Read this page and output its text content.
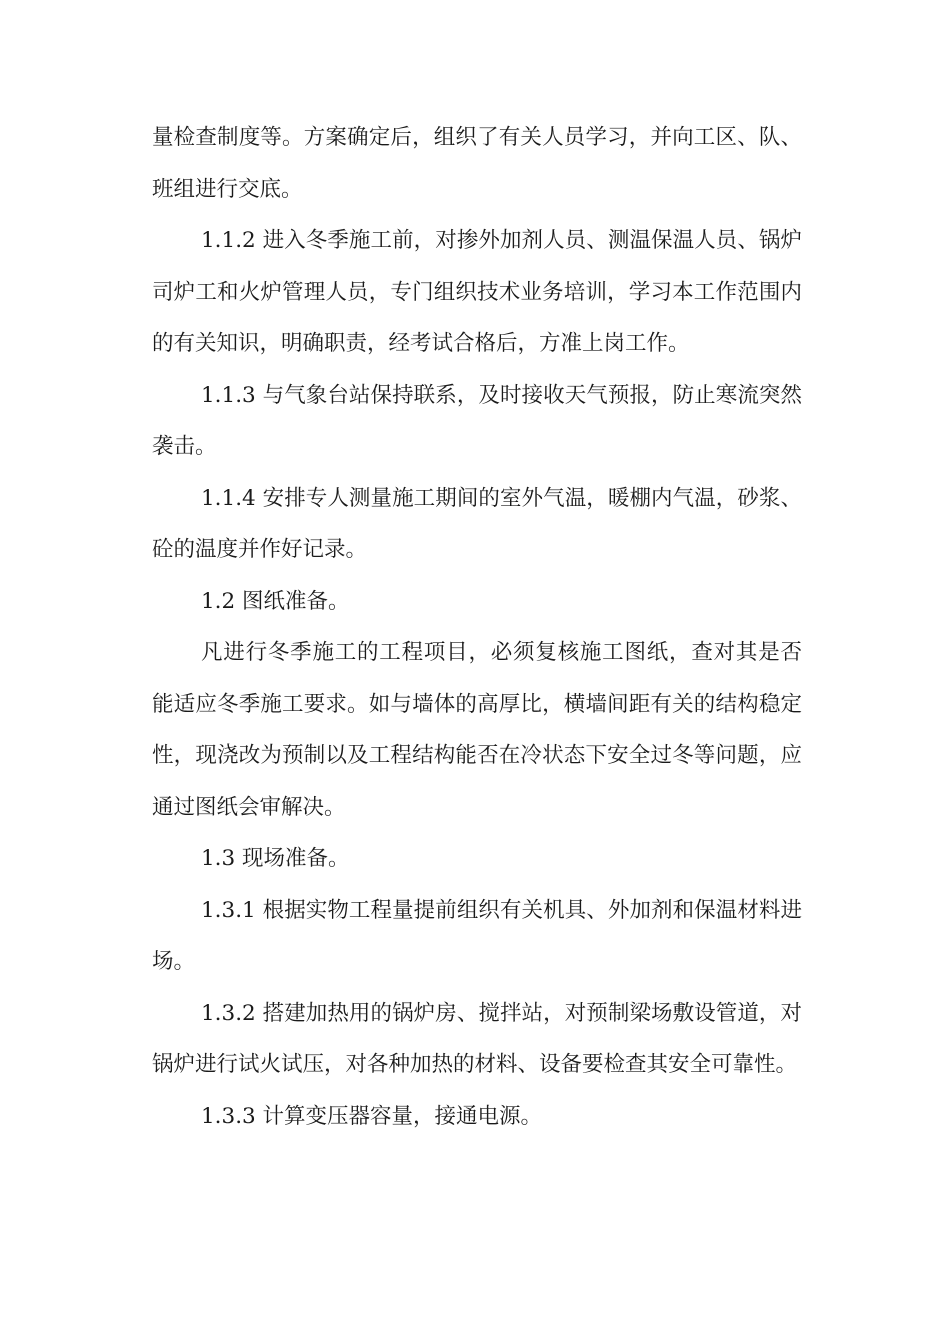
量检查制度等。方案确定后，组织了有关人员学习，并向工区、队、班组进行交底。

1.1.2 进入冬季施工前，对掺外加剂人员、测温保温人员、锅炉司炉工和火炉管理人员，专门组织技术业务培训，学习本工作范围内的有关知识，明确职责，经考试合格后，方准上岗工作。

1.1.3 与气象台站保持联系，及时接收天气预报，防止寒流突然袭击。

1.1.4 安排专人测量施工期间的室外气温，暖棚内气温，砂浆、砼的温度并作好记录。

1.2 图纸准备。

凡进行冬季施工的工程项目，必须复核施工图纸，查对其是否能适应冬季施工要求。如与墙体的高厚比，横墙间距有关的结构稳定性，现浇改为预制以及工程结构能否在冷状态下安全过冬等问题，应通过图纸会审解决。

1.3 现场准备。

1.3.1 根据实物工程量提前组织有关机具、外加剂和保温材料进场。

1.3.2 搭建加热用的锅炉房、搅拌站，对预制梁场敷设管道，对锅炉进行试火试压，对各种加热的材料、设备要检查其安全可靠性。

1.3.3 计算变压器容量，接通电源。
